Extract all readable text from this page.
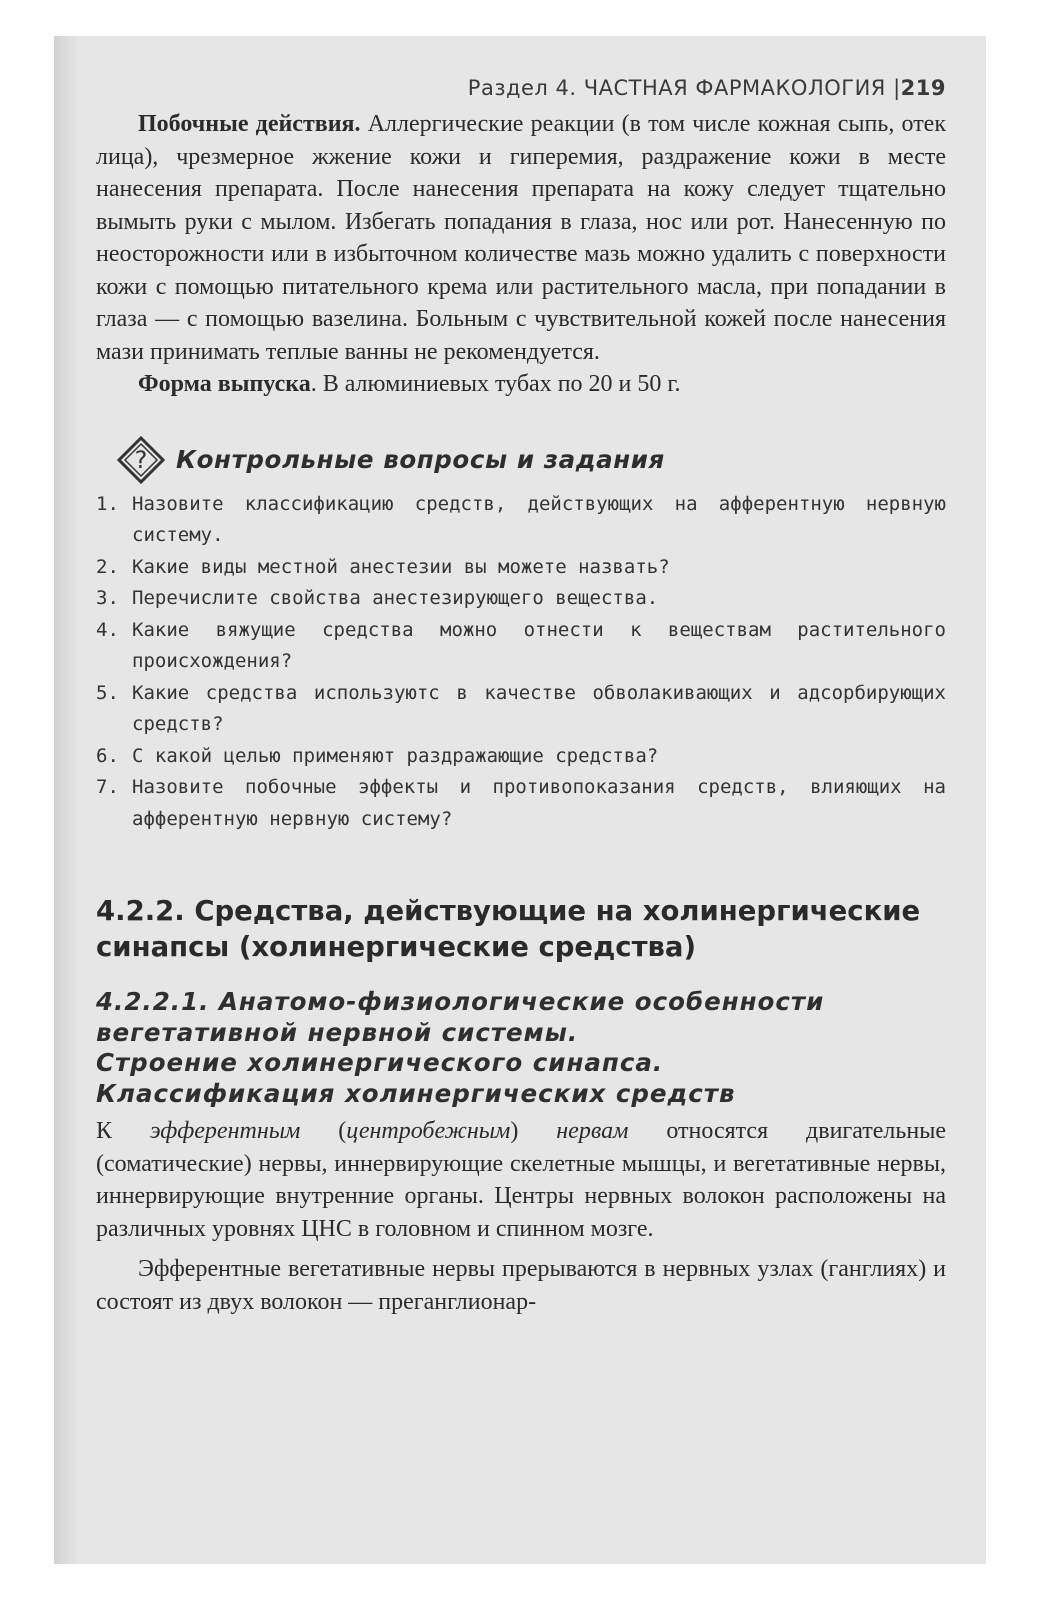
Раздел 4. ЧАСТНАЯ ФАРМАКОЛОГИЯ |219

Побочные действия. Аллергические реакции (в том числе кожная сыпь, отек лица), чрезмерное жжение кожи и гиперемия, раздражение кожи в месте нанесения препарата. После нанесения препарата на кожу следует тщательно вымыть руки с мылом. Избегать попадания в глаза, нос или рот. Нанесенную по неосторожности или в избыточном количестве мазь можно удалить с поверхности кожи с помощью питательного крема или растительного масла, при попадании в глаза — с помощью вазелина. Больным с чувствительной кожей после нанесения мази принимать теплые ванны не рекомендуется.

Форма выпуска. В алюминиевых тубах по 20 и 50 г.

? Контрольные вопросы и задания
1. Назовите классификацию средств, действующих на афферентную нервную систему.
2. Какие виды местной анестезии вы можете назвать?
3. Перечислите свойства анестезирующего вещества.
4. Какие вяжущие средства можно отнести к веществам растительного происхождения?
5. Какие средства используютс в качестве обволакивающих и адсорбирующих средств?
6. С какой целью применяют раздражающие средства?
7. Назовите побочные эффекты и противопоказания средств, влияющих на афферентную нервную систему?
4.2.2. Средства, действующие на холинергические синапсы (холинергические средства)
4.2.2.1. Анатомо-физиологические особенности
вегетативной нервной системы.
Строение холинергического синапса.
Классификация холинергических средств

К эфферентным (центробежным) нервам относятся двигательные (соматические) нервы, иннервирующие скелетные мышцы, и вегетативные нервы, иннервирующие внутренние органы. Центры нервных волокон расположены на различных уровнях ЦНС в головном и спинном мозге.

Эфферентные вегетативные нервы прерываются в нервных узлах (ганглиях) и состоят из двух волокон — преганглионар-
